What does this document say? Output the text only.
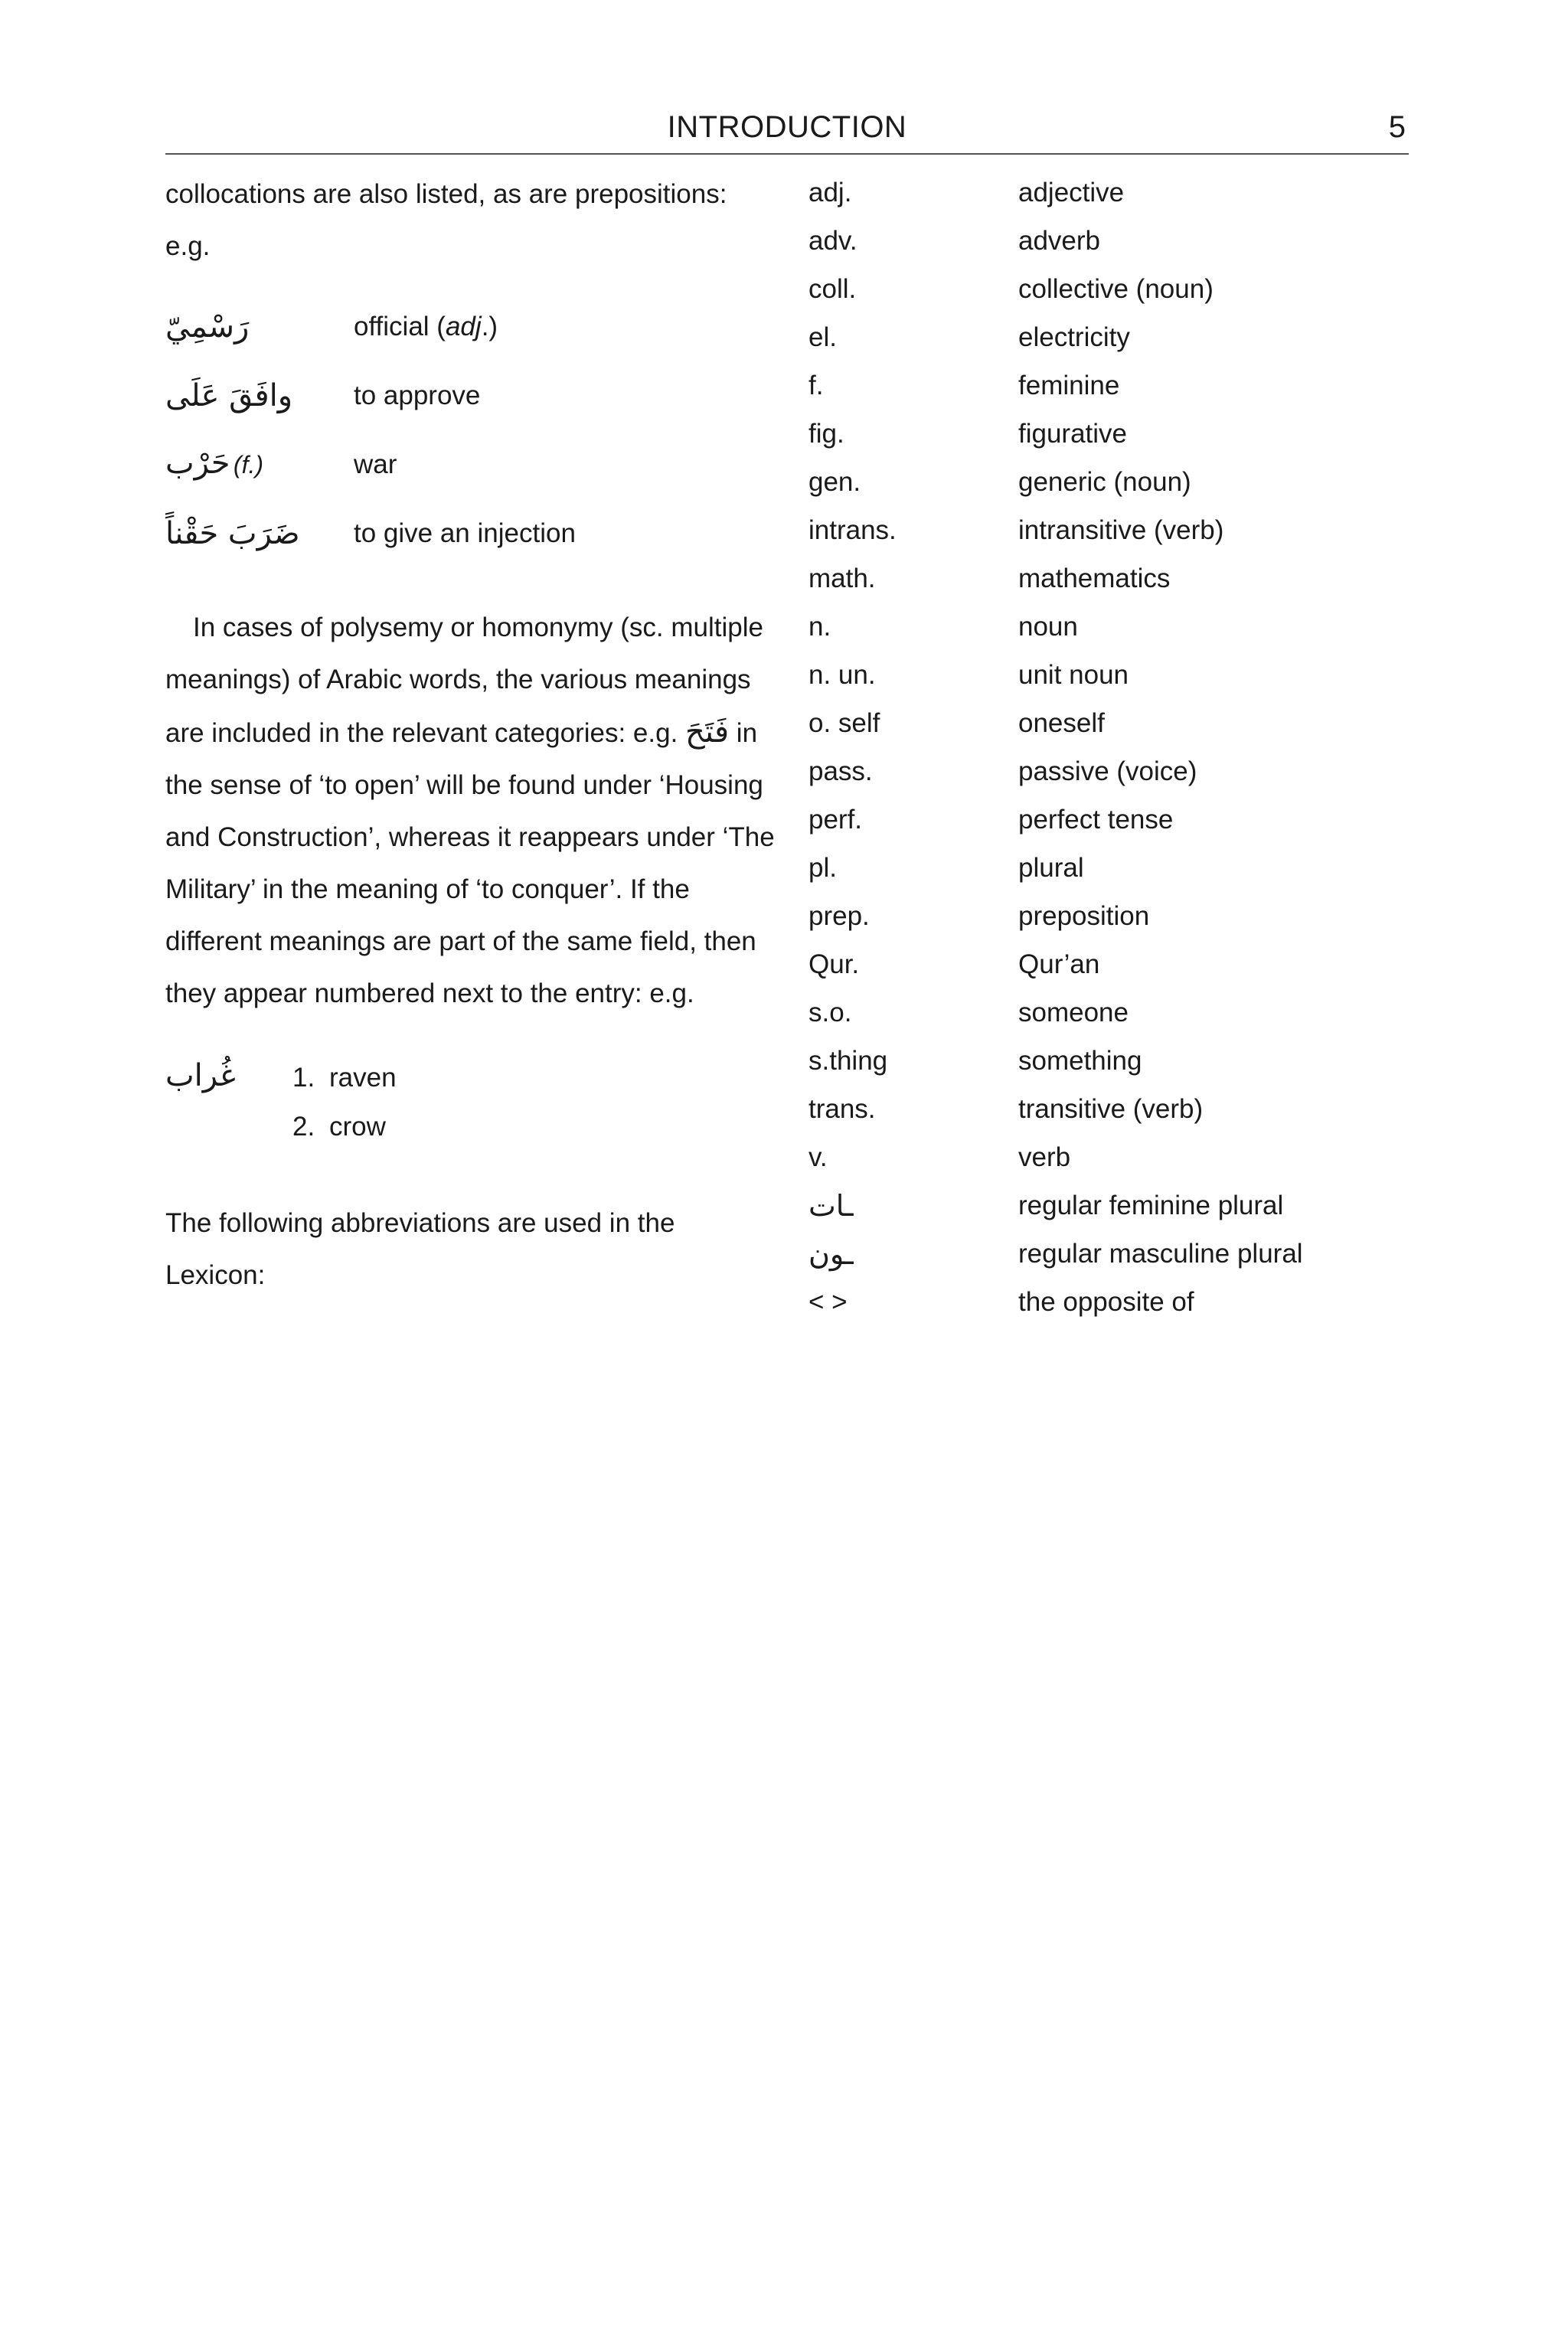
INTRODUCTION	5
collocations are also listed, as are prepositions:
e.g.
رَسْمِيّ	official (adj.)
وافَقَ عَلَى	to approve
حَرْب (f.)	war
ضَرَبَ حَقْناً	to give an injection
In cases of polysemy or homonymy (sc. multiple meanings) of Arabic words, the various meanings are included in the relevant categories: e.g. فَتَحَ in the sense of ‘to open’ will be found under ‘Housing and Construction’, whereas it reappears under ‘The Military’ in the meaning of ‘to conquer’. If the different meanings are part of the same field, then they appear numbered next to the entry: e.g.
غُراب	1. raven
2. crow
The following abbreviations are used in the Lexicon:
adj.	adjective
adv.	adverb
coll.	collective (noun)
el.	electricity
f.	feminine
fig.	figurative
gen.	generic (noun)
intrans.	intransitive (verb)
math.	mathematics
n.	noun
n. un.	unit noun
o. self	oneself
pass.	passive (voice)
perf.	perfect tense
pl.	plural
prep.	preposition
Qur.	Qur’an
s.o.	someone
s.thing	something
trans.	transitive (verb)
v.	verb
ـات	regular feminine plural
ـون	regular masculine plural
< >	the opposite of
